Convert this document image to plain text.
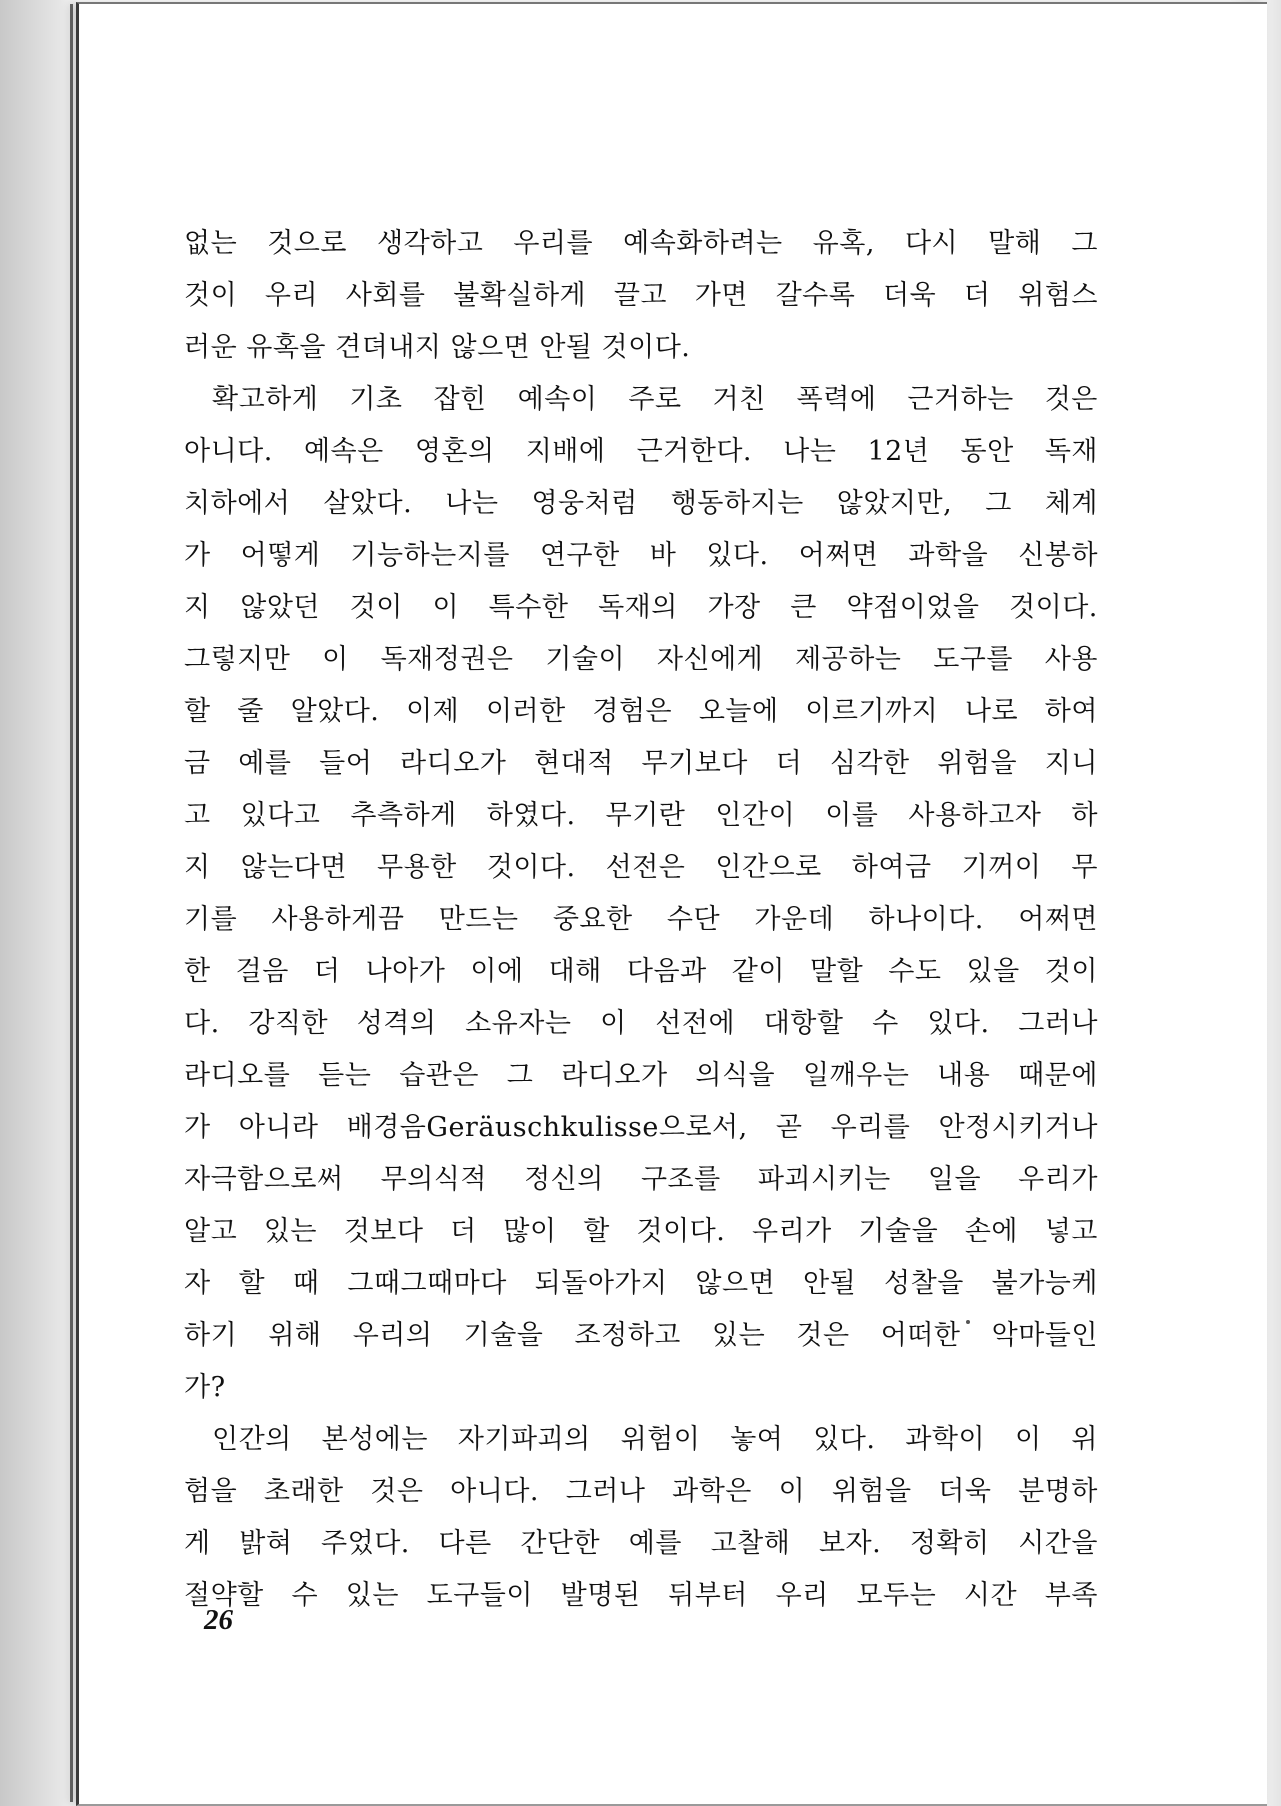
없는 것으로 생각하고 우리를 예속화하려는 유혹, 다시 말해 그
것이 우리 사회를 불확실하게 끌고 가면 갈수록 더욱 더 위험스
러운 유혹을 견뎌내지 않으면 안될 것이다.
확고하게 기초 잡힌 예속이 주로 거친 폭력에 근거하는 것은
아니다. 예속은 영혼의 지배에 근거한다. 나는 12년 동안 독재
치하에서 살았다. 나는 영웅처럼 행동하지는 않았지만, 그 체계
가 어떻게 기능하는지를 연구한 바 있다. 어쩌면 과학을 신봉하
지 않았던 것이 이 특수한 독재의 가장 큰 약점이었을 것이다.
그렇지만 이 독재정권은 기술이 자신에게 제공하는 도구를 사용
할 줄 알았다. 이제 이러한 경험은 오늘에 이르기까지 나로 하여
금 예를 들어 라디오가 현대적 무기보다 더 심각한 위험을 지니
고 있다고 추측하게 하였다. 무기란 인간이 이를 사용하고자 하
지 않는다면 무용한 것이다. 선전은 인간으로 하여금 기꺼이 무
기를 사용하게끔 만드는 중요한 수단 가운데 하나이다. 어쩌면
한 걸음 더 나아가 이에 대해 다음과 같이 말할 수도 있을 것이
다. 강직한 성격의 소유자는 이 선전에 대항할 수 있다. 그러나
라디오를 듣는 습관은 그 라디오가 의식을 일깨우는 내용 때문에
가 아니라 배경음Geräuschkulisse으로서, 곧 우리를 안정시키거나
자극함으로써 무의식적 정신의 구조를 파괴시키는 일을 우리가
알고 있는 것보다 더 많이 할 것이다. 우리가 기술을 손에 넣고
자 할 때 그때그때마다 되돌아가지 않으면 안될 성찰을 불가능케
하기 위해 우리의 기술을 조정하고 있는 것은 어떠한 악마들인
가?
인간의 본성에는 자기파괴의 위험이 놓여 있다. 과학이 이 위
험을 초래한 것은 아니다. 그러나 과학은 이 위험을 더욱 분명하
게 밝혀 주었다. 다른 간단한 예를 고찰해 보자. 정확히 시간을
절약할 수 있는 도구들이 발명된 뒤부터 우리 모두는 시간 부족
26
